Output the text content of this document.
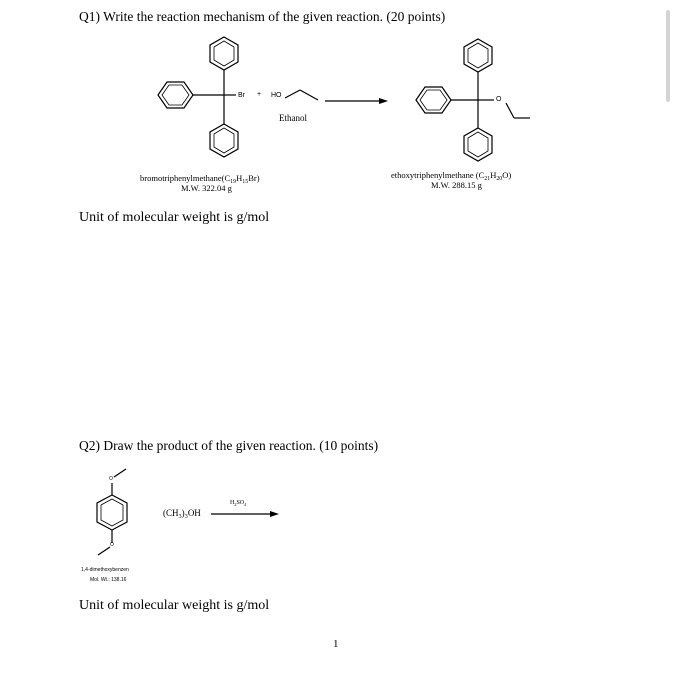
Q1) Write the reaction mechanism of the given reaction. (20 points)
Br + HO
Ethanol
O
$bromotriphenylmethane(C_{19}H_{15}Br)$
M.W. 322.04 g
ethoxytriphenylmethane $(C_{21}H_{20}O)$
M.W. 288.15 g
Unit of molecular weight is g/mol
Q2) Draw the product of the given reaction. (10 points)
O
O
$(CH_3)_3OH$
$H_2SO_4$
1,4-dimethoxybenzen
Mol. Wt.: 138.16
Unit of molecular weight is g/mol
1
